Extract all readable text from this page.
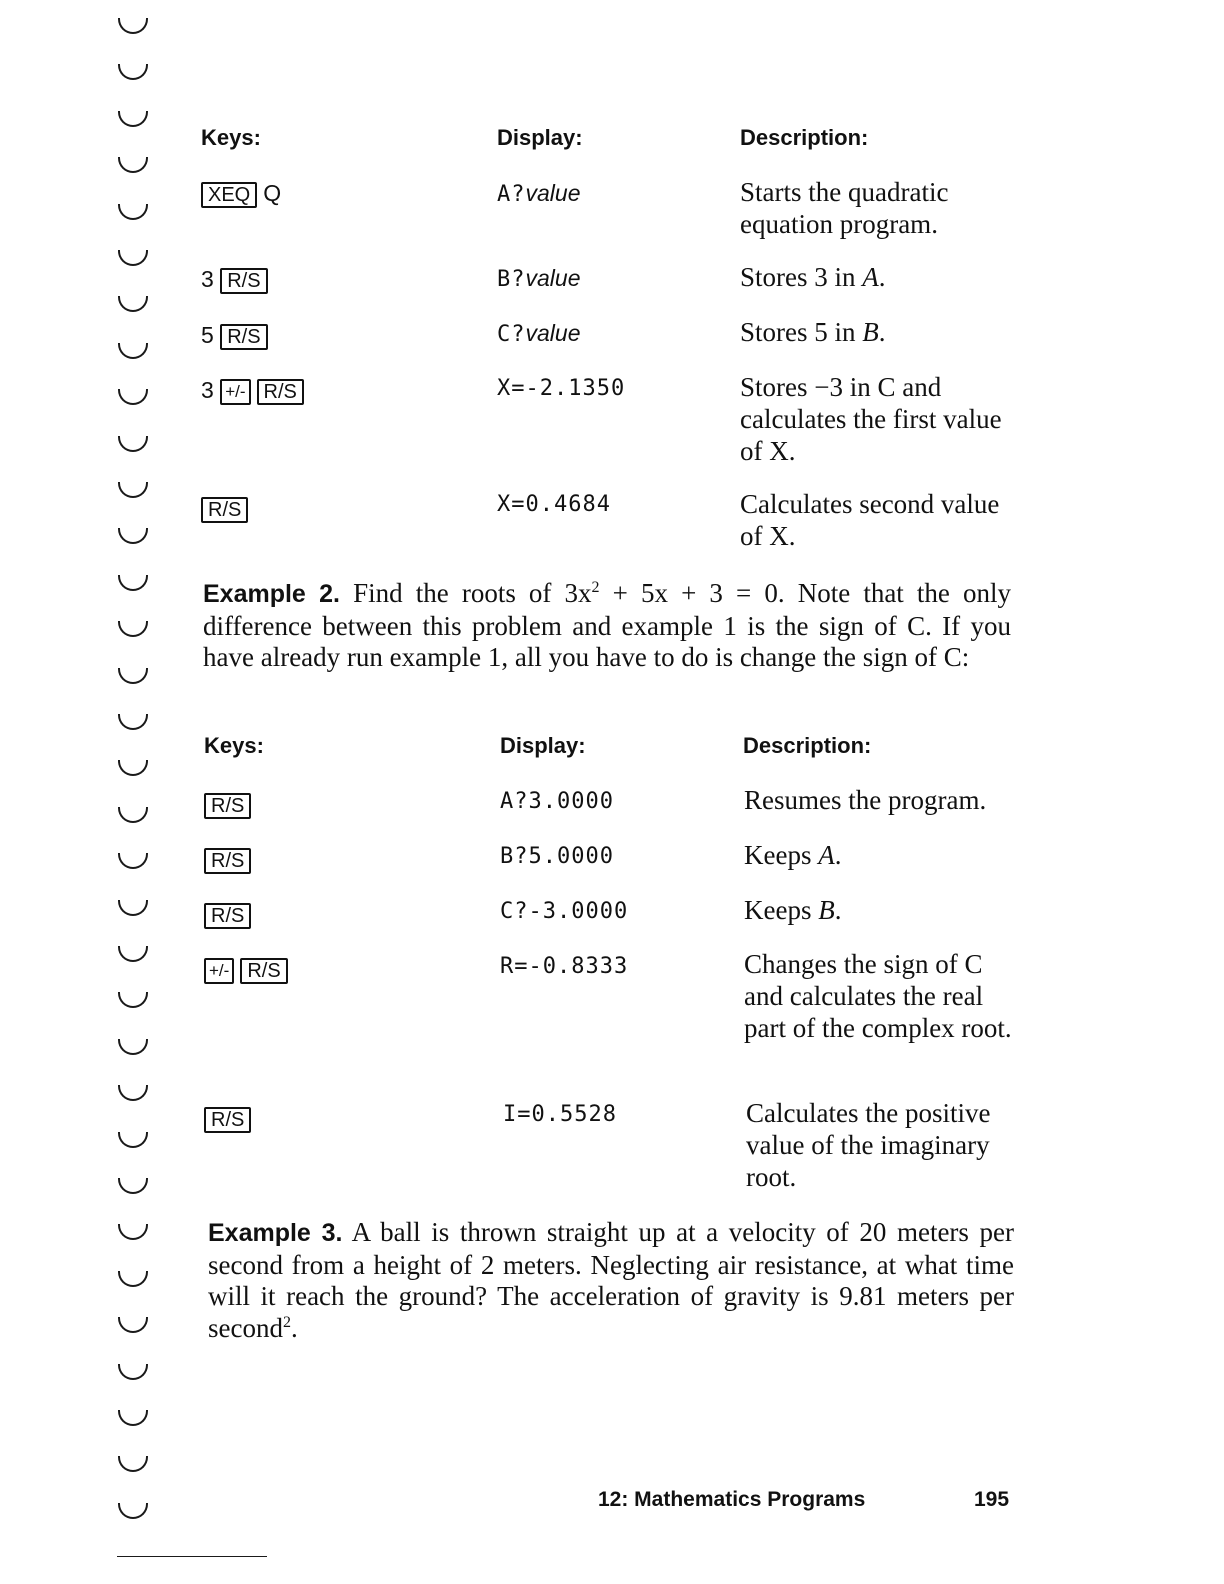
Keys:	Display:	Description:
XEQ Q	A?value	Starts the quadratic equation program.
3 R/S	B?value	Stores 3 in A.
5 R/S	C?value	Stores 5 in B.
3 +/- R/S	X=-2.1350	Stores −3 in C and calculates the first value of X.
R/S	X=0.4684	Calculates second value of X.
Example 2. Find the roots of $3x^2 + 5x + 3 = 0$. Note that the only difference between this problem and example 1 is the sign of C. If you have already run example 1, all you have to do is change the sign of C:
Keys:	Display:	Description:
R/S	A?3.0000	Resumes the program.
R/S	B?5.0000	Keeps A.
R/S	C?-3.0000	Keeps B.
+/- R/S	R=-0.8333	Changes the sign of C and calculates the real part of the complex root.
R/S	I=0.5528	Calculates the positive value of the imaginary root.
Example 3. A ball is thrown straight up at a velocity of 20 meters per second from a height of 2 meters. Neglecting air resistance, at what time will it reach the ground? The acceleration of gravity is 9.81 meters per second$^2$.
12: Mathematics Programs	195
